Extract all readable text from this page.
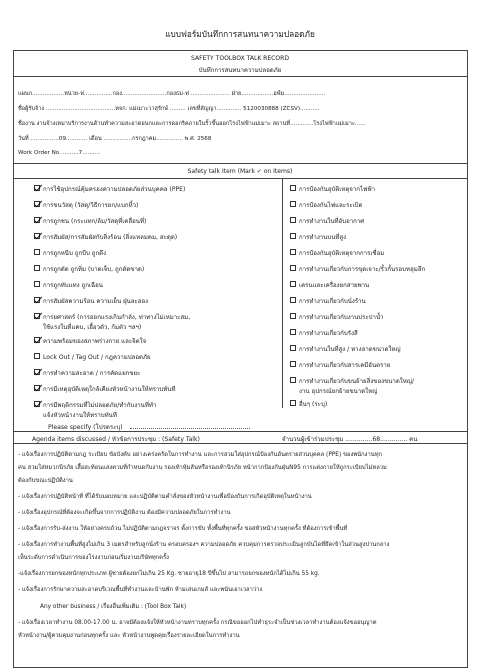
แบบฟอร์มบันทึกการสนทนาความปลอดภัย
SAFETY TOOLBOX TALK RECORD
บันทึกการสนทนาความปลอดภัย
แผนก..................หน่วย-ฟ................กอง.........................กองธม-ฟ ...................... ฝ่าย..................อฟ์ม.......................
ชื่อผู้รับจ้าง .......................................หจก. แม่เมาะวาสุรักษ์ ......... เลขที่สัญญา.............. 5120030888 (ZCSV)...........
ชื่องาน งานจ้างเหมาบริการงานด้านทำความสะอาดอนกและการดอกริคภายในรั้วขึ้นออกโรงไฟฟ้าแม่เมาะ สถานที่.............โรงไฟฟ้าแม่เมาะ......
วันที่ ................09............ เดือน ................กรกฎาคม............... พ.ศ. 2568
Work Order No. .........7..........
Safety talk Item (Mark ✓ on Items)
การใช้อุปกรณ์คุ้มครองความปลอดภัยส่วนบุคคล (PPE)
การขนวัสดุ (วัสดุ/วิธีการยก/แบกหิ้ว)
การถูกชน (กระแทก/ล้ม/วัสดุที่เคลื่อนที่)
การสัมผัส/การสัมผัสกับสิ่งร้อน (สิ่งแหลมคม, สะดุด)
การถูกหนีบ ถูกบีบ ถูกดึง
การถูกตัด ถูกทิ่ม (บาดเจ็บ, ถูกตัดขาด)
การถูกทับแทง ถูกเฉือน
การสัมผัสความร้อน ความเย็น ฝุ่นละออง
การยศาสตร์ (การออกแรงเกินกำลัง, ท่าทางไม่เหมาะสม,
ใช้แรงในที่แคบ, เอื้อวตัว, ก้มตัว ฯลฯ)
ความพร้อมของสภาพร่างกาย และจิตใจ
Lock Out / Tag Out / กฎความปลอดภัย
การทำความสะอาด / การคัดแยกขยะ
การมีเหตุอุบัติเหตุใกล้เคียงหัวหน้างานให้ทราบทันที
การมีพฤติกรรมที่ไม่ปลอดภัย/ทำกับงานที่ทำ
แจ้งหัวหน้างานให้ทราบทันที
Please specify (โปรดระบุ)
การป้องกันอุบัติเหตุจากไฟฟ้า
การป้องกันไฟและระเบิด
การทำงานในที่อับอากาศ
การทำงานบนที่สูง
การป้องกันอุบัติเหตุจากการเชื่อม
การทำงานเกี่ยวกับการขุดเจาะ/รั้วกั้นรอบหลุมลึก
เครนและเครื่องยกสายพาน
การทำงานเกี่ยวกับนั่งร้าน
การทำงานเกี่ยวกับงานประปาน้ำ
การทำงานเกี่ยวกับรังสี
การทำงานในที่สูง / ทางลาดขนาดใหญ่
การทำงานเกี่ยวกับสารเคมีอันตราย
การทำงานเกี่ยวกับขนย้ายสิ่งของขนาดใหญ่/
งาน อุปกรณ์ยกย้ายขนาดใหญ่
อื่นๆ (ระบุ)
Agenda items discussed / หัวข้อการประชุม : (Safety Talk)	จำนวนผู้เข้าร่วมประชุม ..............68.............. คน
- แจ้งเรื่องการปฏิบัติตามกฎ ระเบียบ ข้อบังคับ อย่างเคร่งครัดในการทำงาน และการสวมใส่อุปกรณ์ป้องกันอันตรายส่วนบุคคล (PPE) ของพนักงานทุก
คน สวมใส่หมวกนิรภัย เสื้อสะท้อนแสงตามที่กำหนดกับงาน รองเท้าหุ้มส้นหรือรองเท้านิรภัย หน้ากากป้องกันฝุ่นN95 การแต่งกายให้ถูกระเบียบไม่หลวม
ต้องกับขณะปฏิบัติงาน
- แจ้งเรื่องการปฏิบัติหน้าที่ ที่ได้รับมอบหมาย และปฏิบัติตามคำสั่งของหัวหน้างานเพื่อป้องกันการเกิดอุบัติเหตุในหน้างาน
- แจ้งเรื่องอุปกรณ์ที่ต้องจะเกิดขึ้นจากการปฏิบัติงาน ต้องมีความปลอดภัยในการทำงาน
- แจ้งเรื่องการรับ-ส่งงาน ให้อย่างครบถ้วน ไม่ปฏิบัติตามกฎจราจร ตั้งการขับ ทั้งพื้นที่ทุกครั้ง ขอสหัวหน้างานทุกครั้ง ที่ต้องการเข้าพื้นที่
- แจ้งเรื่องการทำงานพื้นที่สูงไม่เกิน 3 เมตรสำหรับลูกนั่งร้าน ครอบครองฯ ความปลอดภัย ควบคุมการตรวจประเมินลูกบันไดที่ยึดเข้าในส่วนสูงปานกลาง
เห็นระดับการดำเนินการของโรงงานก่อนเริ่มงานบริษัททุกครั้ง
-แจ้งเรื่องการยกของหนักทุกประเภท ผู้ชายต้องยกไม่เกิน 25 Kg. ชายอายุ18 ปีขึ้นไป สามารถยกของหนักได้ไม่เกิน 55 kg.
- แจ้งเรื่องการรักษาความสะอาดบริเวณพื้นที่ทำงานและบ้านพัก ห้ามเล่นเกมส์ และพนันเอาเวลาว่าง
Any other business / เรื่องอื่นเพิ่มเติม : (Tool Box Talk)
- แจ้งเรื่องเวลาทำงาน 08.00-17.00 น. อาจมีต้องแจ้งให้หัวหน้างานทราบทุกครั้ง กรณีขอออกไปทำธุระจำเป็นช่วงเวลาทำงานต้องแจ้งขออนุญาต
หัวหน้างาน/ผู้ควบคุมงานก่อนทุกครั้ง และ หัวหน้างานพูดคุยเรื่องรายละเอียดในการทำงาน
